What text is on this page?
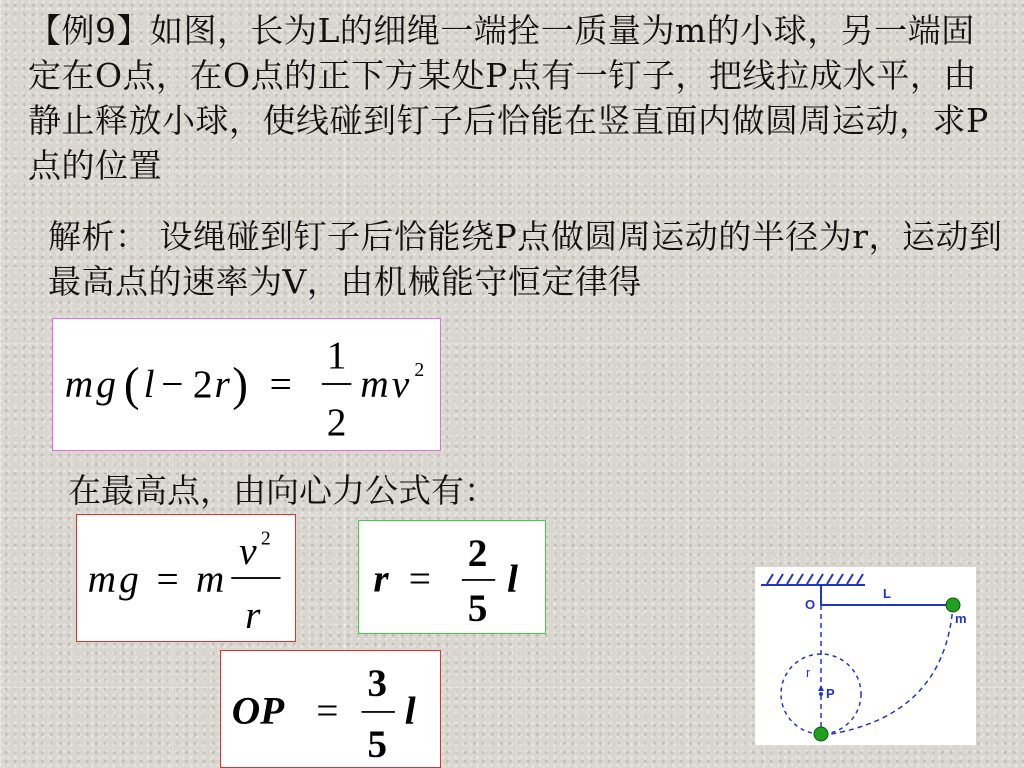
【例9】如图，长为L的细绳一端拴一质量为m的小球，另一端固定在O点，在O点的正下方某处P点有一钉子，把线拉成水平，由静止释放小球，使线碰到钉子后恰能在竖直面内做圆周运动，求P点的位置
解析： 设绳碰到钉子后恰能绕P点做圆周运动的半径为r，运动到最高点的速率为V，由机械能守恒定律得
m g ( l − 2 r ) =
1
2
m v 2
在最高点，由向心力公式有：
m g = m
v 2
r
r =
2
5
l
OP =
3
5
l
O
L
m
r
P
